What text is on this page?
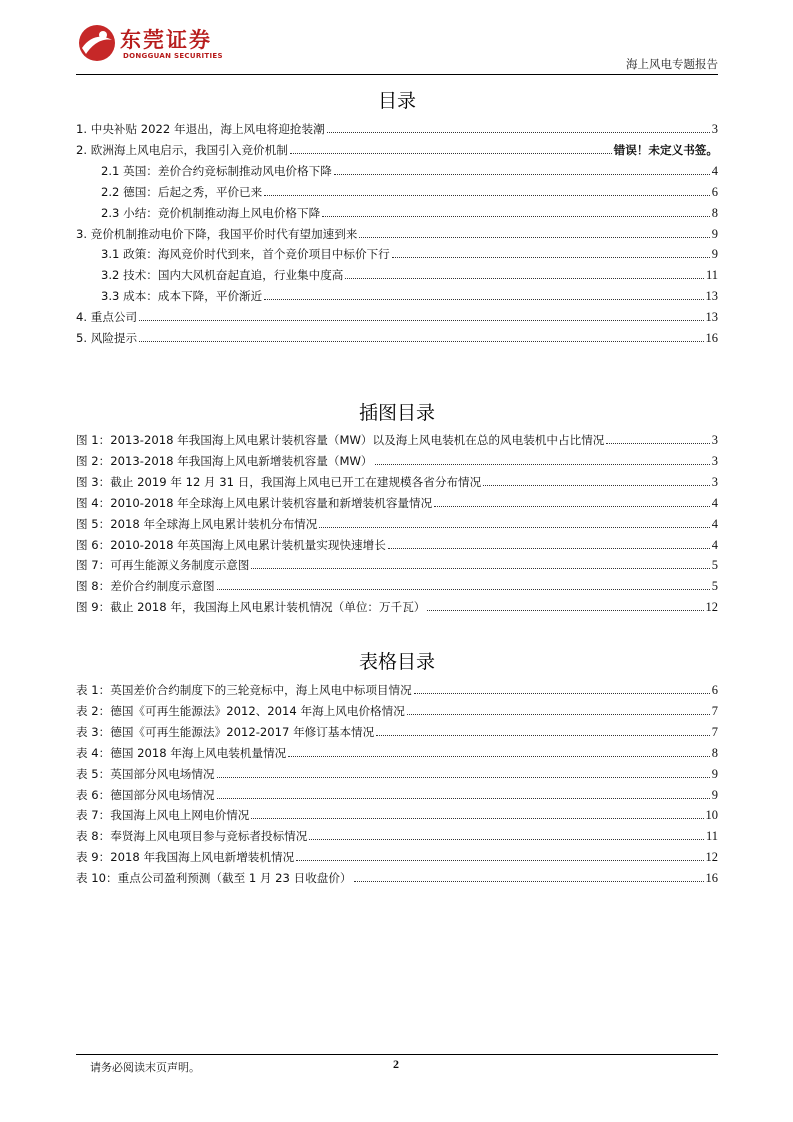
东莞证券
DONGGUAN SECURITIES
海上风电专题报告
目录
1. 中央补贴 2022 年退出，海上风电将迎抢装潮	3
2. 欧洲海上风电启示，我国引入竞价机制	错误！未定义书签。
2.1 英国：差价合约竞标制推动风电价格下降	4
2.2 德国：后起之秀，平价已来	6
2.3 小结：竞价机制推动海上风电价格下降	8
3. 竞价机制推动电价下降，我国平价时代有望加速到来	9
3.1 政策：海风竞价时代到来，首个竞价项目中标价下行	9
3.2 技术：国内大风机奋起直追，行业集中度高	11
3.3 成本：成本下降，平价渐近	13
4. 重点公司	13
5. 风险提示	16
插图目录
图 1：2013-2018 年我国海上风电累计装机容量（MW）以及海上风电装机在总的风电装机中占比情况	3
图 2：2013-2018 年我国海上风电新增装机容量（MW）	3
图 3：截止 2019 年 12 月 31 日，我国海上风电已开工在建规模各省分布情况	3
图 4：2010-2018 年全球海上风电累计装机容量和新增装机容量情况	4
图 5：2018 年全球海上风电累计装机分布情况	4
图 6：2010-2018 年英国海上风电累计装机量实现快速增长	4
图 7：可再生能源义务制度示意图	5
图 8：差价合约制度示意图	5
图 9：截止 2018 年，我国海上风电累计装机情况（单位：万千瓦）	12
表格目录
表 1：英国差价合约制度下的三轮竞标中，海上风电中标项目情况	6
表 2：德国《可再生能源法》2012、2014 年海上风电价格情况	7
表 3：德国《可再生能源法》2012-2017 年修订基本情况	7
表 4：德国 2018 年海上风电装机量情况	8
表 5：英国部分风电场情况	9
表 6：德国部分风电场情况	9
表 7：我国海上风电上网电价情况	10
表 8：奉贤海上风电项目参与竞标者投标情况	11
表 9：2018 年我国海上风电新增装机情况	12
表 10：重点公司盈利预测（截至 1 月 23 日收盘价）	16
请务必阅读末页声明。	2
